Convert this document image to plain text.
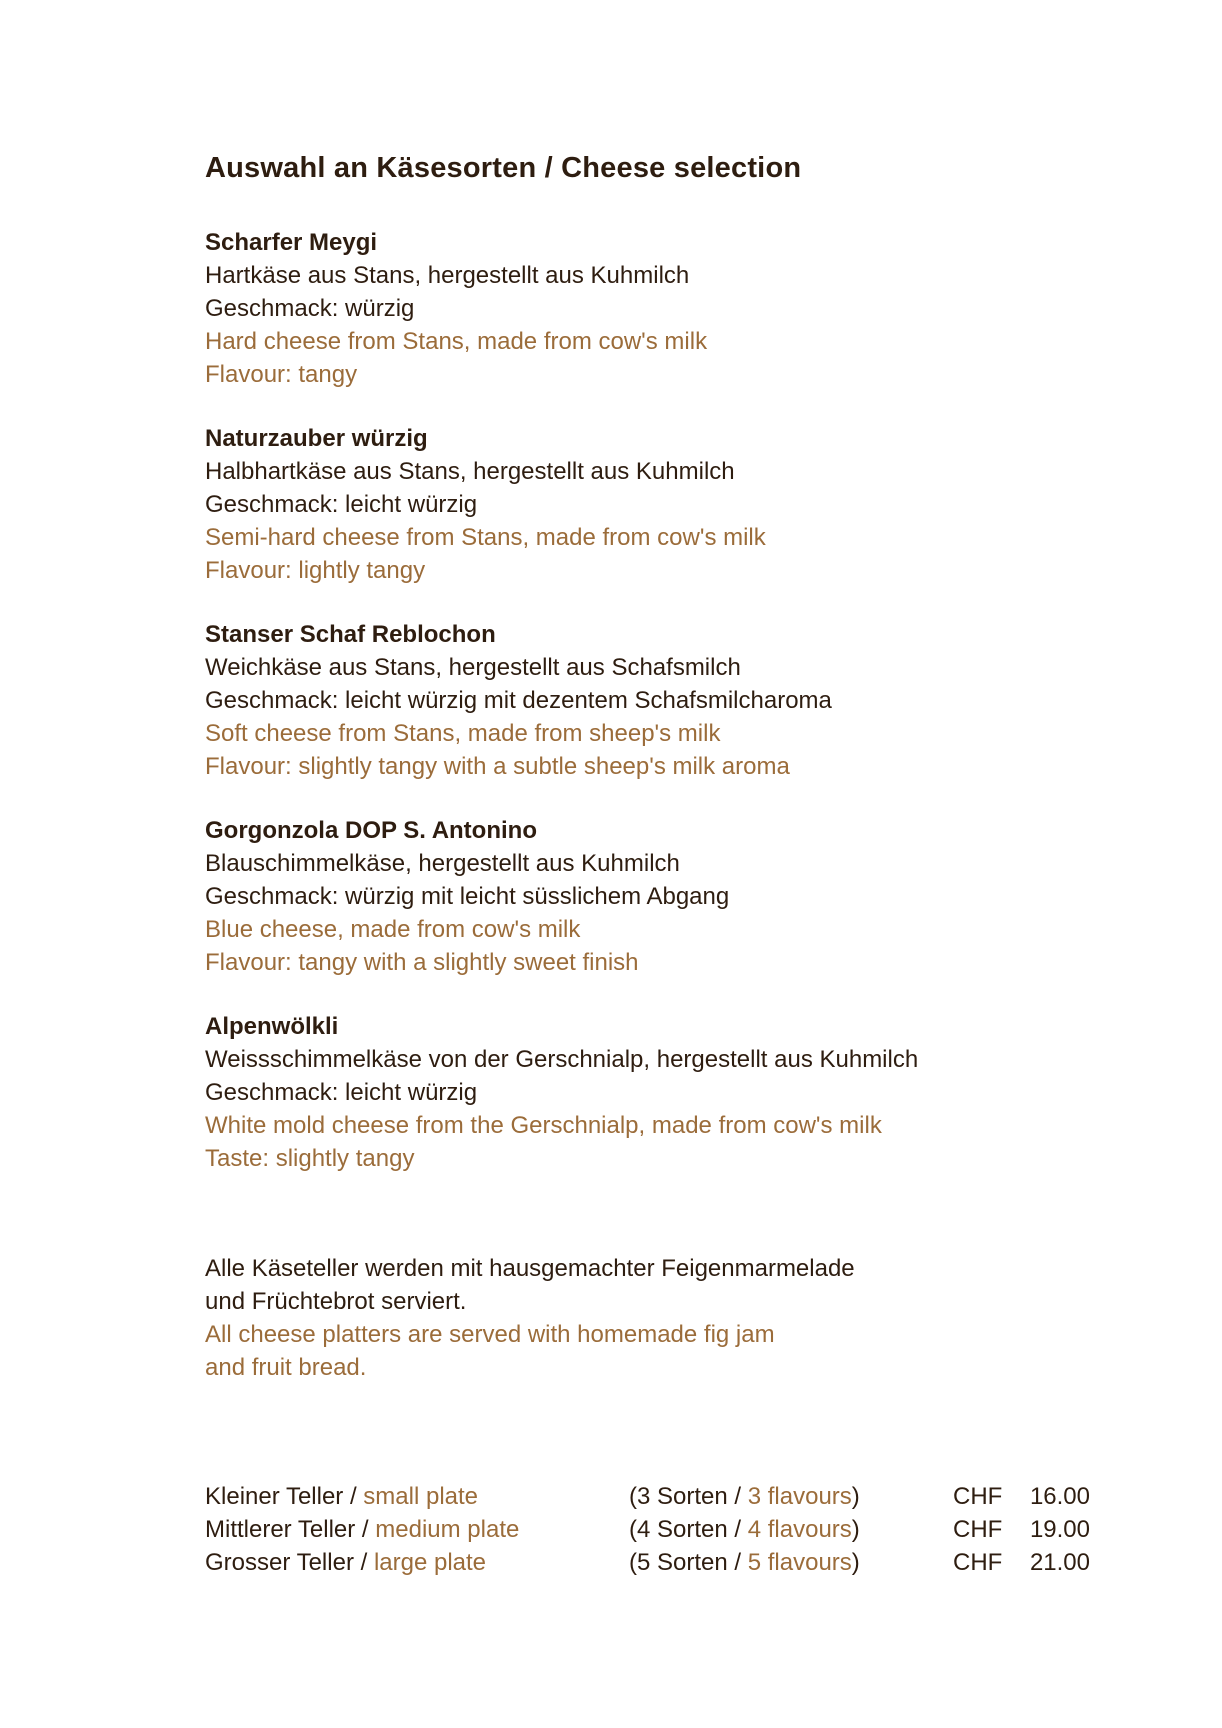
Auswahl an Käsesorten / Cheese selection
Scharfer Meygi
Hartkäse aus Stans, hergestellt aus Kuhmilch
Geschmack: würzig
Hard cheese from Stans, made from cow's milk
Flavour: tangy
Naturzauber würzig
Halbhartkäse aus Stans, hergestellt aus Kuhmilch
Geschmack: leicht würzig
Semi-hard cheese from Stans, made from cow's milk
Flavour: lightly tangy
Stanser Schaf Reblochon
Weichkäse aus Stans, hergestellt aus Schafsmilch
Geschmack: leicht würzig mit dezentem Schafsmilcharoma
Soft cheese from Stans, made from sheep's milk
Flavour: slightly tangy with a subtle sheep's milk aroma
Gorgonzola DOP S. Antonino
Blauschimmelkäse, hergestellt aus Kuhmilch
Geschmack: würzig mit leicht süsslichem Abgang
Blue cheese, made from cow's milk
Flavour: tangy with a slightly sweet finish
Alpenwölkli
Weissschimmelkäse von der Gerschnialp, hergestellt aus Kuhmilch
Geschmack: leicht würzig
White mold cheese from the Gerschnialp, made from cow's milk
Taste: slightly tangy
Alle Käseteller werden mit hausgemachter Feigenmarmelade
und Früchtebrot serviert.
All cheese platters are served with homemade fig jam
and fruit bread.
Kleiner Teller / small plate	(3 Sorten / 3 flavours)	CHF 16.00
Mittlerer Teller / medium plate	(4 Sorten / 4 flavours)	CHF 19.00
Grosser Teller / large plate	(5 Sorten / 5 flavours)	CHF 21.00
